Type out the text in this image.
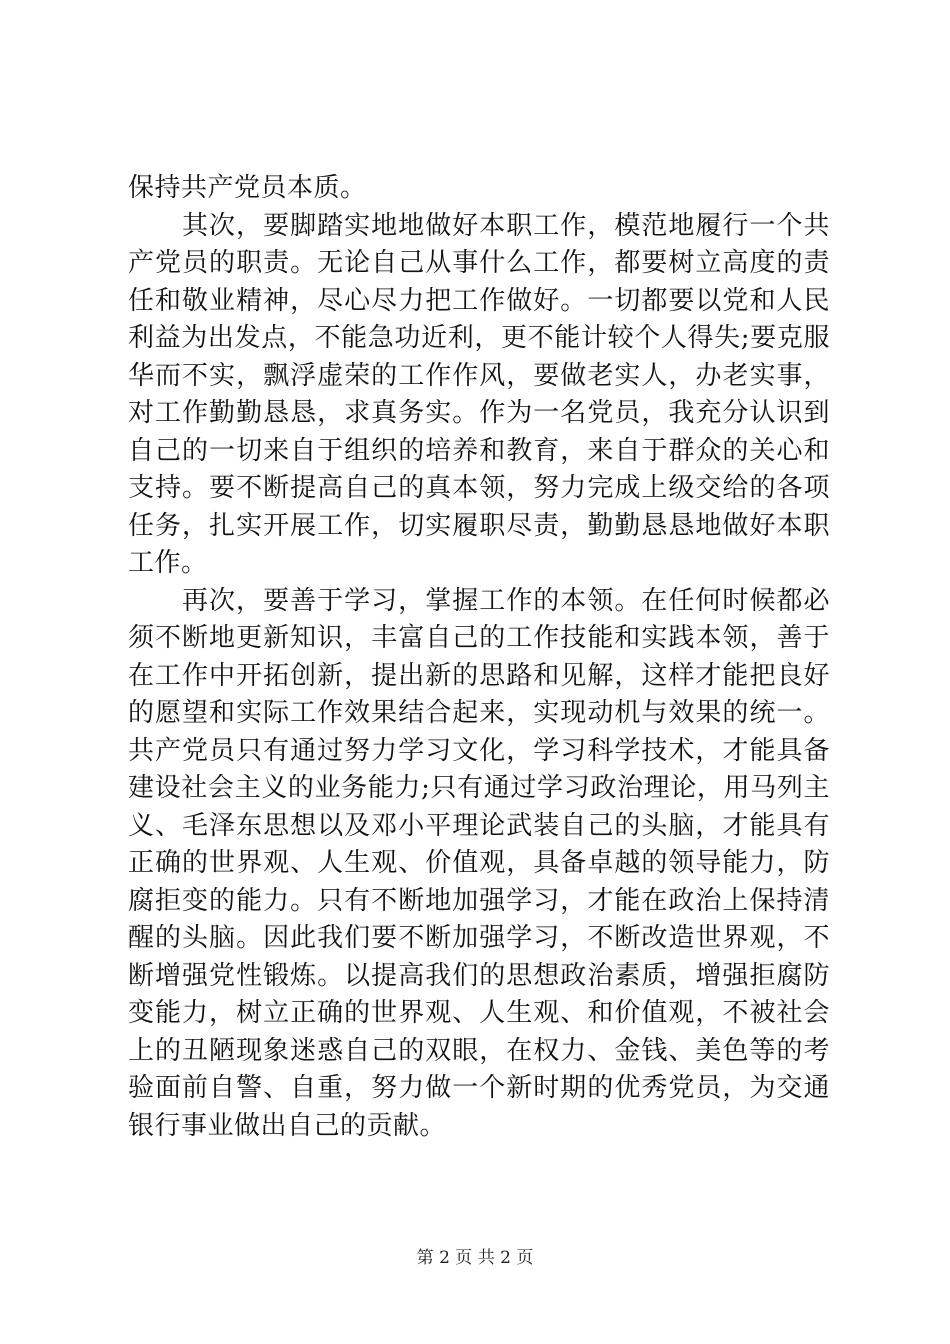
保持共产党员本质。

其次，要脚踏实地地做好本职工作，模范地履行一个共产党员的职责。无论自己从事什么工作，都要树立高度的责任和敬业精神，尽心尽力把工作做好。一切都要以党和人民利益为出发点，不能急功近利，更不能计较个人得失;要克服华而不实，飘浮虚荣的工作作风，要做老实人，办老实事，对工作勤勤恳恳，求真务实。作为一名党员，我充分认识到自己的一切来自于组织的培养和教育，来自于群众的关心和支持。要不断提高自己的真本领，努力完成上级交给的各项任务，扎实开展工作，切实履职尽责，勤勤恳恳地做好本职工作。

再次，要善于学习，掌握工作的本领。在任何时候都必须不断地更新知识，丰富自己的工作技能和实践本领，善于在工作中开拓创新，提出新的思路和见解，这样才能把良好的愿望和实际工作效果结合起来，实现动机与效果的统一。共产党员只有通过努力学习文化，学习科学技术，才能具备建设社会主义的业务能力;只有通过学习政治理论，用马列主义、毛泽东思想以及邓小平理论武装自己的头脑，才能具有正确的世界观、人生观、价值观，具备卓越的领导能力，防腐拒变的能力。只有不断地加强学习，才能在政治上保持清醒的头脑。因此我们要不断加强学习，不断改造世界观，不断增强党性锻炼。以提高我们的思想政治素质，增强拒腐防变能力，树立正确的世界观、人生观、和价值观，不被社会上的丑陋现象迷惑自己的双眼，在权力、金钱、美色等的考验面前自警、自重，努力做一个新时期的优秀党员，为交通银行事业做出自己的贡献。

第 2 页 共 2 页
